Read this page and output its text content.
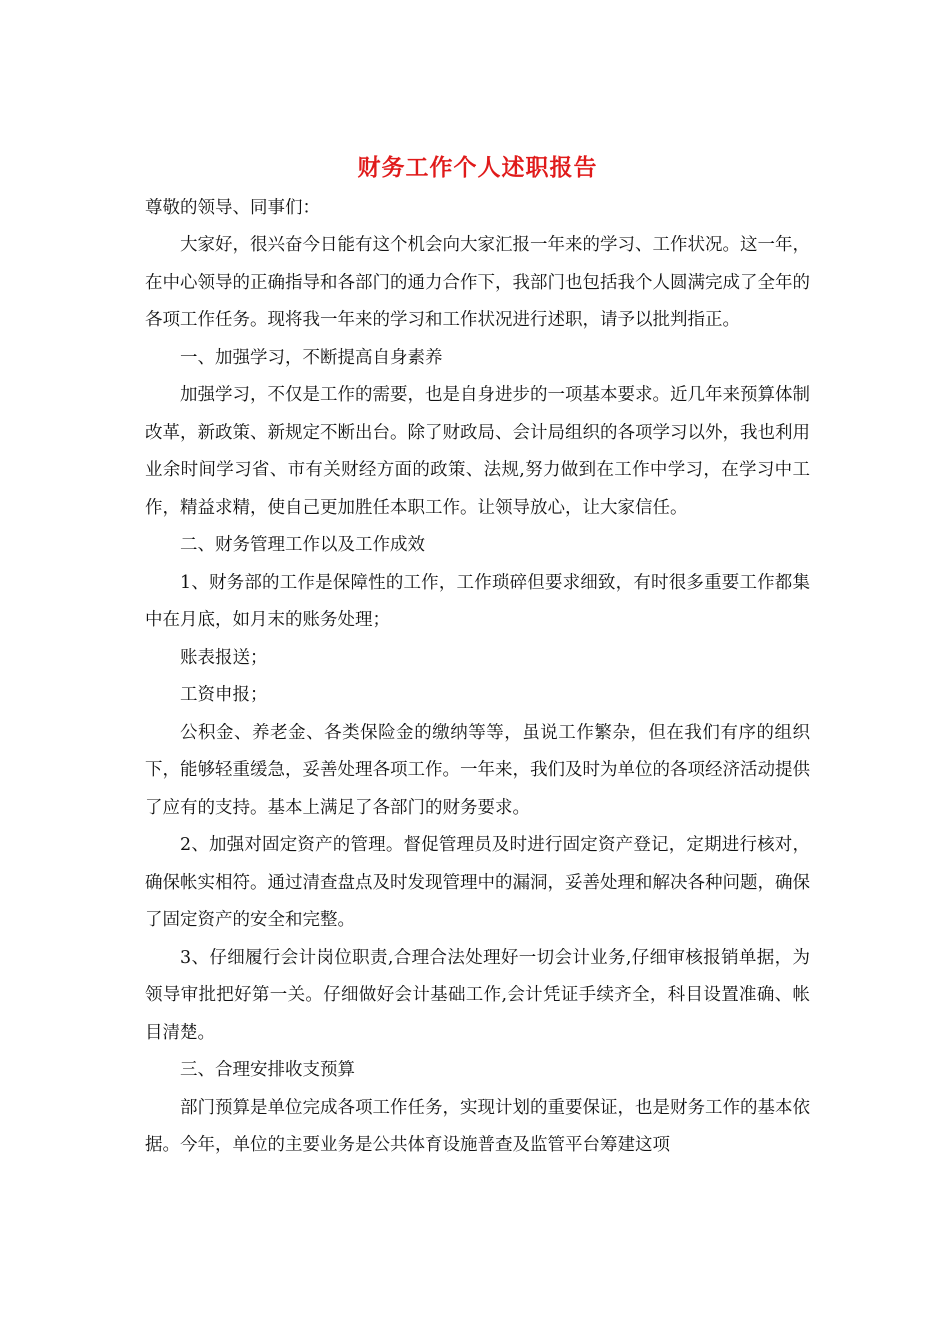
财务工作个人述职报告

尊敬的领导、同事们：

大家好，很兴奋今日能有这个机会向大家汇报一年来的学习、工作状况。这一年，在中心领导的正确指导和各部门的通力合作下，我部门也包括我个人圆满完成了全年的各项工作任务。现将我一年来的学习和工作状况进行述职，请予以批判指正。

一、加强学习，不断提高自身素养

加强学习，不仅是工作的需要，也是自身进步的一项基本要求。近几年来预算体制改革，新政策、新规定不断出台。除了财政局、会计局组织的各项学习以外，我也利用业余时间学习省、市有关财经方面的政策、法规,努力做到在工作中学习，在学习中工作，精益求精，使自己更加胜任本职工作。让领导放心，让大家信任。

二、财务管理工作以及工作成效

1、财务部的工作是保障性的工作，工作琐碎但要求细致，有时很多重要工作都集中在月底，如月末的账务处理；

账表报送；

工资申报；

公积金、养老金、各类保险金的缴纳等等，虽说工作繁杂，但在我们有序的组织下，能够轻重缓急，妥善处理各项工作。一年来，我们及时为单位的各项经济活动提供了应有的支持。基本上满足了各部门的财务要求。

2、加强对固定资产的管理。督促管理员及时进行固定资产登记，定期进行核对，确保帐实相符。通过清查盘点及时发现管理中的漏洞，妥善处理和解决各种问题，确保了固定资产的安全和完整。

3、仔细履行会计岗位职责,合理合法处理好一切会计业务,仔细审核报销单据，为领导审批把好第一关。仔细做好会计基础工作,会计凭证手续齐全，科目设置准确、帐目清楚。

三、合理安排收支预算

部门预算是单位完成各项工作任务，实现计划的重要保证，也是财务工作的基本依据。今年，单位的主要业务是公共体育设施普查及监管平台筹建这项
